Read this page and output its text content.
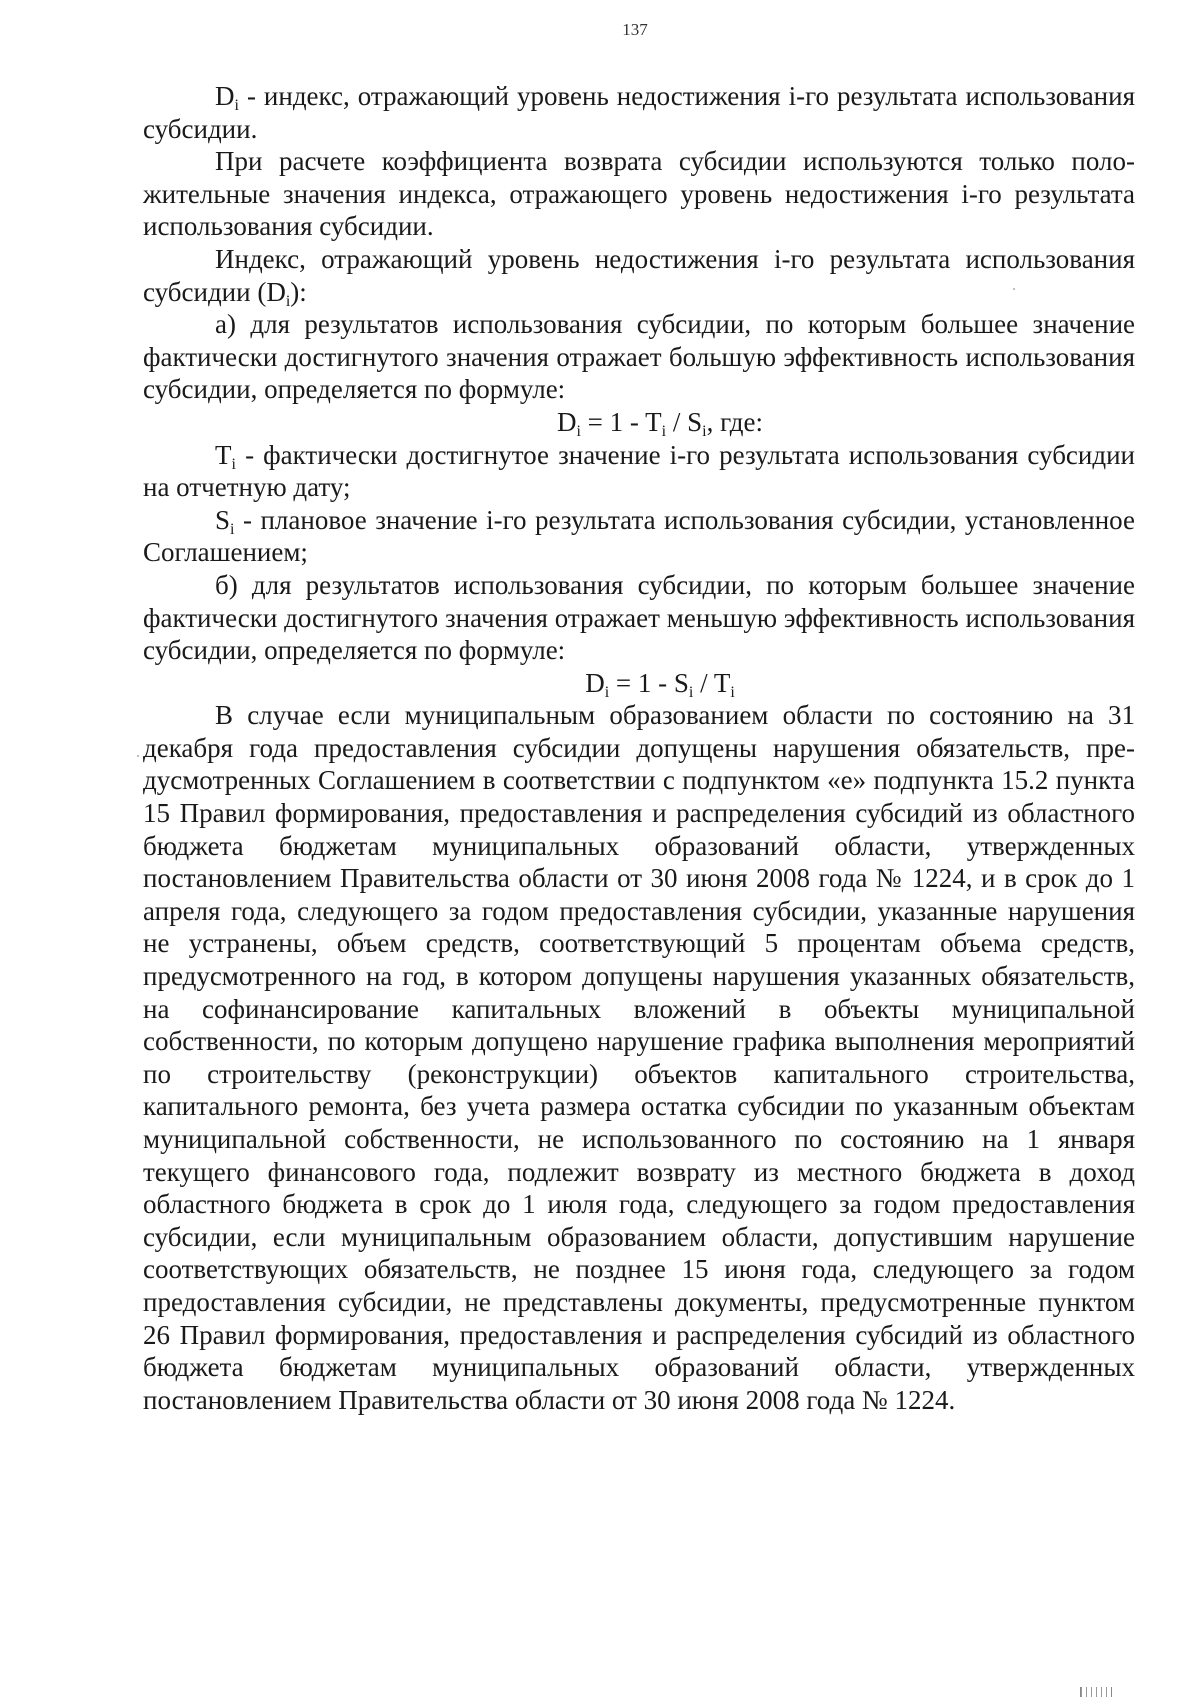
137

$D_i$ - индекс, отражающий уровень недостижения i-го результата использования субсидии.

При расчете коэффициента возврата субсидии используются только положительные значения индекса, отражающего уровень недостижения i-го результата использования субсидии.

Индекс, отражающий уровень недостижения i-го результата использования субсидии $(D_i)$:

а) для результатов использования субсидии, по которым большее значение фактически достигнутого значения отражает большую эффективность использования субсидии, определяется по формуле:

$D_i = 1 - T_i / S_i$, где:

$T_i$ - фактически достигнутое значение i-го результата использования субсидии на отчетную дату;

$S_i$ - плановое значение i-го результата использования субсидии, установленное Соглашением;

б) для результатов использования субсидии, по которым большее значение фактически достигнутого значения отражает меньшую эффективность использования субсидии, определяется по формуле:

$D_i = 1 - S_i / T_i$

В случае если муниципальным образованием области по состоянию на 31 декабря года предоставления субсидии допущены нарушения обязательств, предусмотренных Соглашением в соответствии с подпунктом «е» подпункта 15.2 пункта 15 Правил формирования, предоставления и распределения субсидий из областного бюджета бюджетам муниципальных образований области, утвержденных постановлением Правительства области от 30 июня 2008 года № 1224, и в срок до 1 апреля года, следующего за годом предоставления субсидии, указанные нарушения не устранены, объем средств, соответствующий 5 процентам объема средств, предусмотренного на год, в котором допущены нарушения указанных обязательств, на софинансирование капитальных вложений в объекты муниципальной собственности, по которым допущено нарушение графика выполнения мероприятий по строительству (реконструкции) объектов капитального строительства, капитального ремонта, без учета размера остатка субсидии по указанным объектам муниципальной собственности, не использованного по состоянию на 1 января текущего финансового года, подлежит возврату из местного бюджета в доход областного бюджета в срок до 1 июля года, следующего за годом предоставления субсидии, если муниципальным образованием области, допустившим нарушение соответствующих обязательств, не позднее 15 июня года, следующего за годом предоставления субсидии, не представлены документы, предусмотренные пунктом 26 Правил формирования, предоставления и распределения субсидий из областного бюджета бюджетам муниципальных образований области, утвержденных постановлением Правительства области от 30 июня 2008 года № 1224.
